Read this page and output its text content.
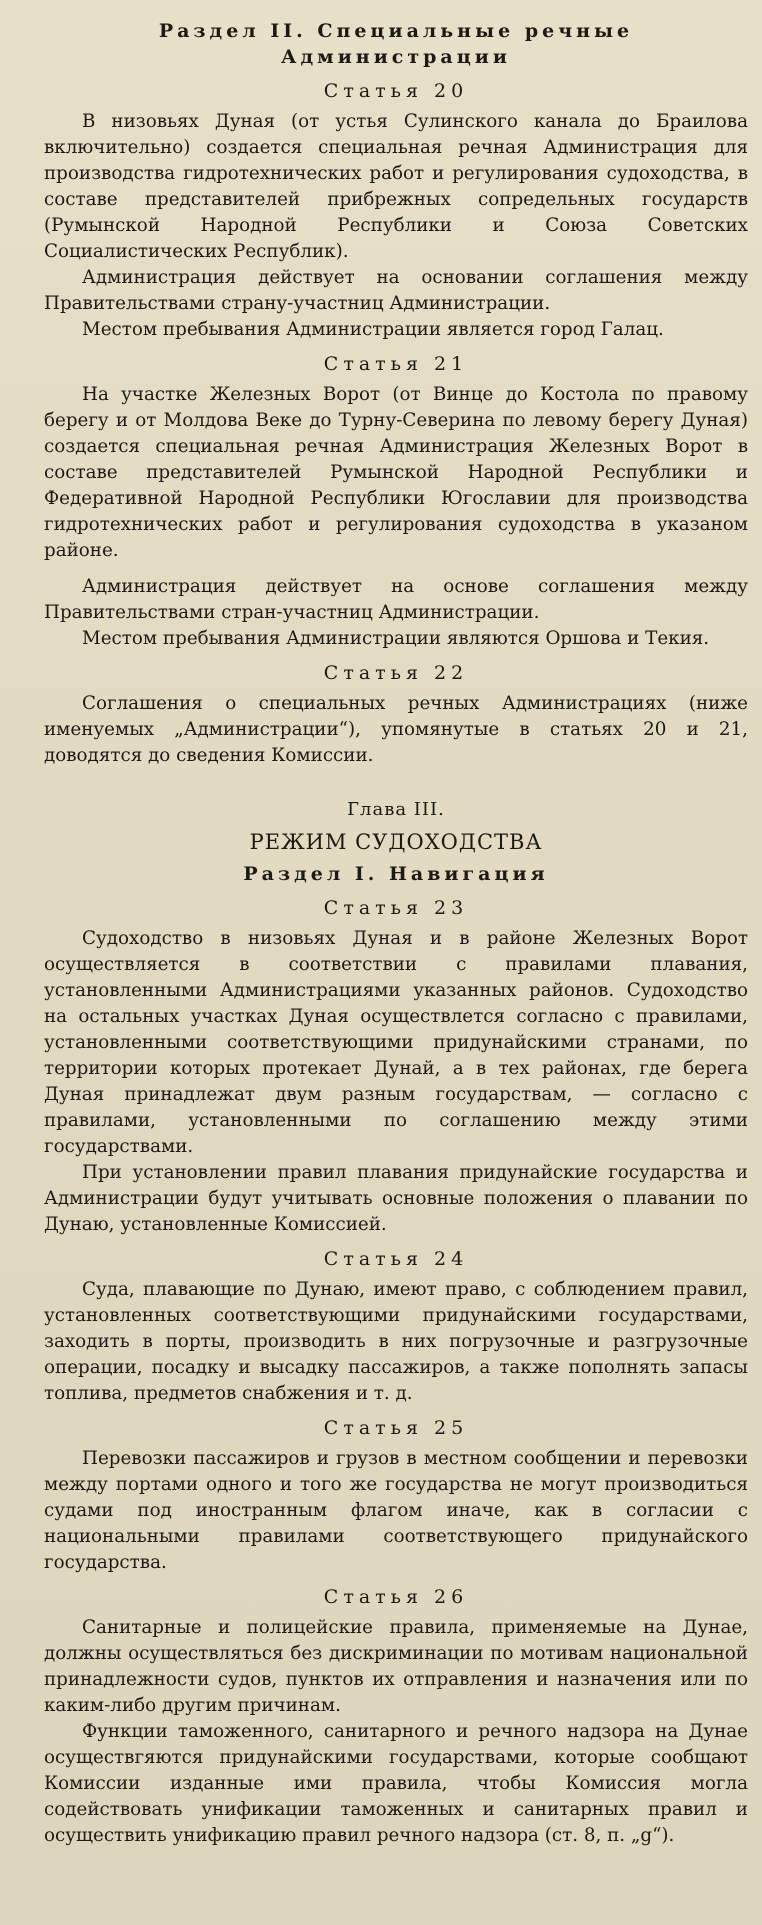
Раздел II. Специальные речные Администрации
Статья 20

В низовьях Дуная (от устья Сулинского канала до Браилова включительно) создается специальная речная Администрация для производства гидротехнических работ и регулирования судоходства, в составе представителей прибрежных сопредельных государств (Румынской Народной Республики и Союза Советских Социалистических Республик).

Администрация действует на основании соглашения между Правительствами страну-участниц Администрации.

Местом пребывания Администрации является город Галац.

Статья 21

На участке Железных Ворот (от Винце до Костола по правому берегу и от Молдова Веке до Турну-Северина по левому берегу Дуная) создается специальная речная Администрация Железных Ворот в составе представителей Румынской Народной Республики и Федеративной Народной Республики Югославии для производства гидротехнических работ и регулирования судоходства в указаном районе.

Администрация действует на основе соглашения между Правительствами стран-участниц Администрации.

Местом пребывания Администрации являются Оршова и Текия.

Статья 22

Соглашения о специальных речных Администрациях (ниже именуемых „Администрации“), упомянутые в статьях 20 и 21, доводятся до сведения Комиссии.

Глава III.
РЕЖИМ СУДОХОДСТВА
Раздел I. Навигация
Статья 23

Судоходство в низовьях Дуная и в районе Железных Ворот осуществляется в соответствии с правилами плавания, установленными Администрациями указанных районов. Судоходство на остальных участках Дуная осуществлется согласно с правилами, установленными соответствующими придунайскими странами, по территории которых протекает Дунай, а в тех районах, где берега Дуная принадлежат двум разным государствам, — согласно с правилами, установленными по соглашению между этими государствами.

При установлении правил плавания придунайские государства и Администрации будут учитывать основные положения о плавании по Дунаю, установленные Комиссией.

Статья 24

Суда, плавающие по Дунаю, имеют право, с соблюдением правил, установленных соответствующими придунайскими государствами, заходить в порты, производить в них погрузочные и разгрузочные операции, посадку и высадку пассажиров, а также пополнять запасы топлива, предметов снабжения и т. д.

Статья 25

Перевозки пассажиров и грузов в местном сообщении и перевозки между портами одного и того же государства не могут производиться судами под иностранным флагом иначе, как в согласии с национальными правилами соответствующего придунайского государства.

Статья 26

Санитарные и полицейские правила, применяемые на Дунае, должны осуществляться без дискриминации по мотивам национальной принадлежности судов, пунктов их отправления и назначения или по каким-либо другим причинам.

Функции таможенного, санитарного и речного надзора на Дунае осуществгяются придунайскими государствами, которые сообщают Комиссии изданные ими правила, чтобы Комиссия могла содействовать унификации таможенных и санитарных правил и осуществить унификацию правил речного надзора (ст. 8, п. „g“).
